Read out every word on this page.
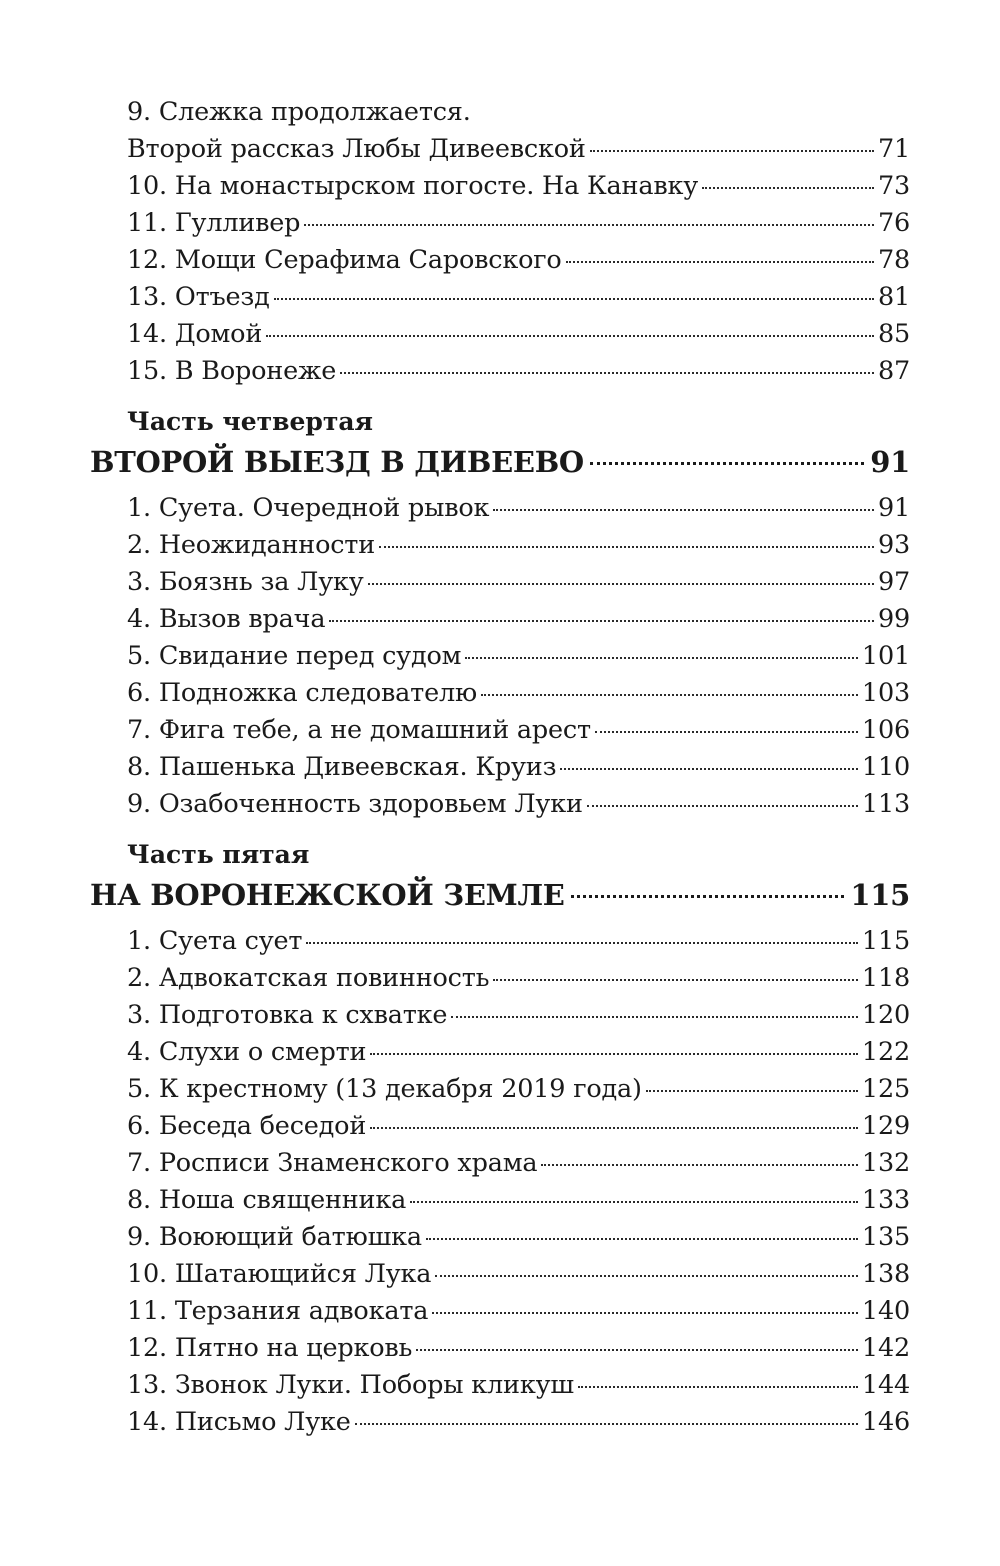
9. Слежка продолжается.
Второй рассказ Любы Дивеевской	71
10. На монастырском погосте. На Канавку	73
11. Гулливер	76
12. Мощи Серафима Саровского	78
13. Отъезд	81
14. Домой	85
15. В Воронеже	87
Часть четвертая
ВТОРОЙ ВЫЕЗД В ДИВЕЕВО	91
1. Суета. Очередной рывок	91
2. Неожиданности	93
3. Боязнь за Луку	97
4. Вызов врача	99
5. Свидание перед судом	101
6. Подножка следователю	103
7. Фига тебе, а не домашний арест	106
8. Пашенька Дивеевская. Круиз	110
9. Озабоченность здоровьем Луки	113
Часть пятая
НА ВОРОНЕЖСКОЙ ЗЕМЛЕ	115
1. Суета сует	115
2. Адвокатская повинность	118
3. Подготовка к схватке	120
4. Слухи о смерти	122
5. К крестному (13 декабря 2019 года)	125
6. Беседа беседой	129
7. Росписи Знаменского храма	132
8. Ноша священника	133
9. Воюющий батюшка	135
10. Шатающийся Лука	138
11. Терзания адвоката	140
12. Пятно на церковь	142
13. Звонок Луки. Поборы кликуш	144
14. Письмо Луке	146
